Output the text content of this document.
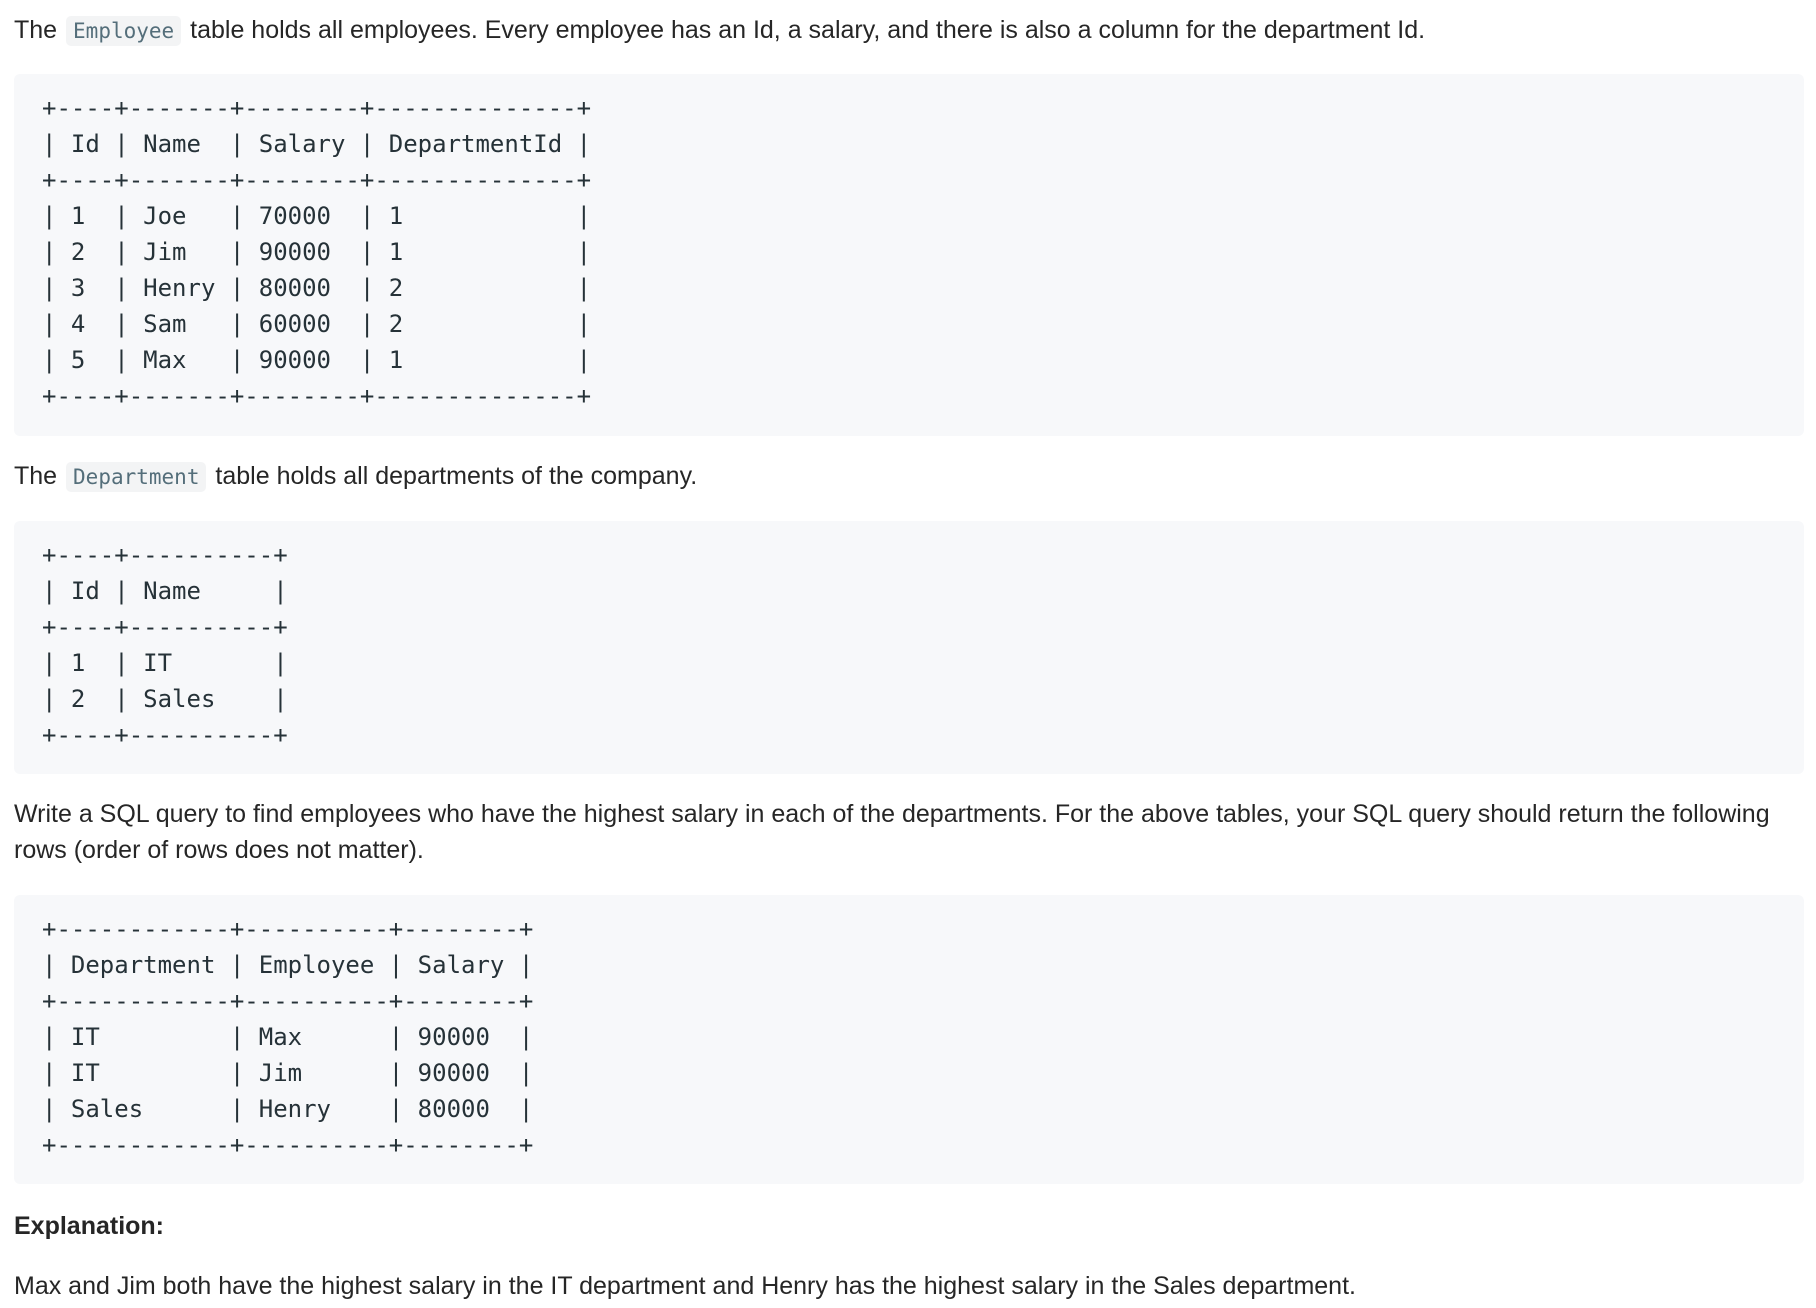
The Employee table holds all employees. Every employee has an Id, a salary, and there is also a column for the department Id.

+----+-------+--------+--------------+
| Id | Name  | Salary | DepartmentId |
+----+-------+--------+--------------+
| 1  | Joe   | 70000  | 1            |
| 2  | Jim   | 90000  | 1            |
| 3  | Henry | 80000  | 2            |
| 4  | Sam   | 60000  | 2            |
| 5  | Max   | 90000  | 1            |
+----+-------+--------+--------------+

The Department table holds all departments of the company.

+----+----------+
| Id | Name     |
+----+----------+
| 1  | IT       |
| 2  | Sales    |
+----+----------+

Write a SQL query to find employees who have the highest salary in each of the departments. For the above tables, your SQL query should return the following rows (order of rows does not matter).

+------------+----------+--------+
| Department | Employee | Salary |
+------------+----------+--------+
| IT         | Max      | 90000  |
| IT         | Jim      | 90000  |
| Sales      | Henry    | 80000  |
+------------+----------+--------+

Explanation:

Max and Jim both have the highest salary in the IT department and Henry has the highest salary in the Sales department.
